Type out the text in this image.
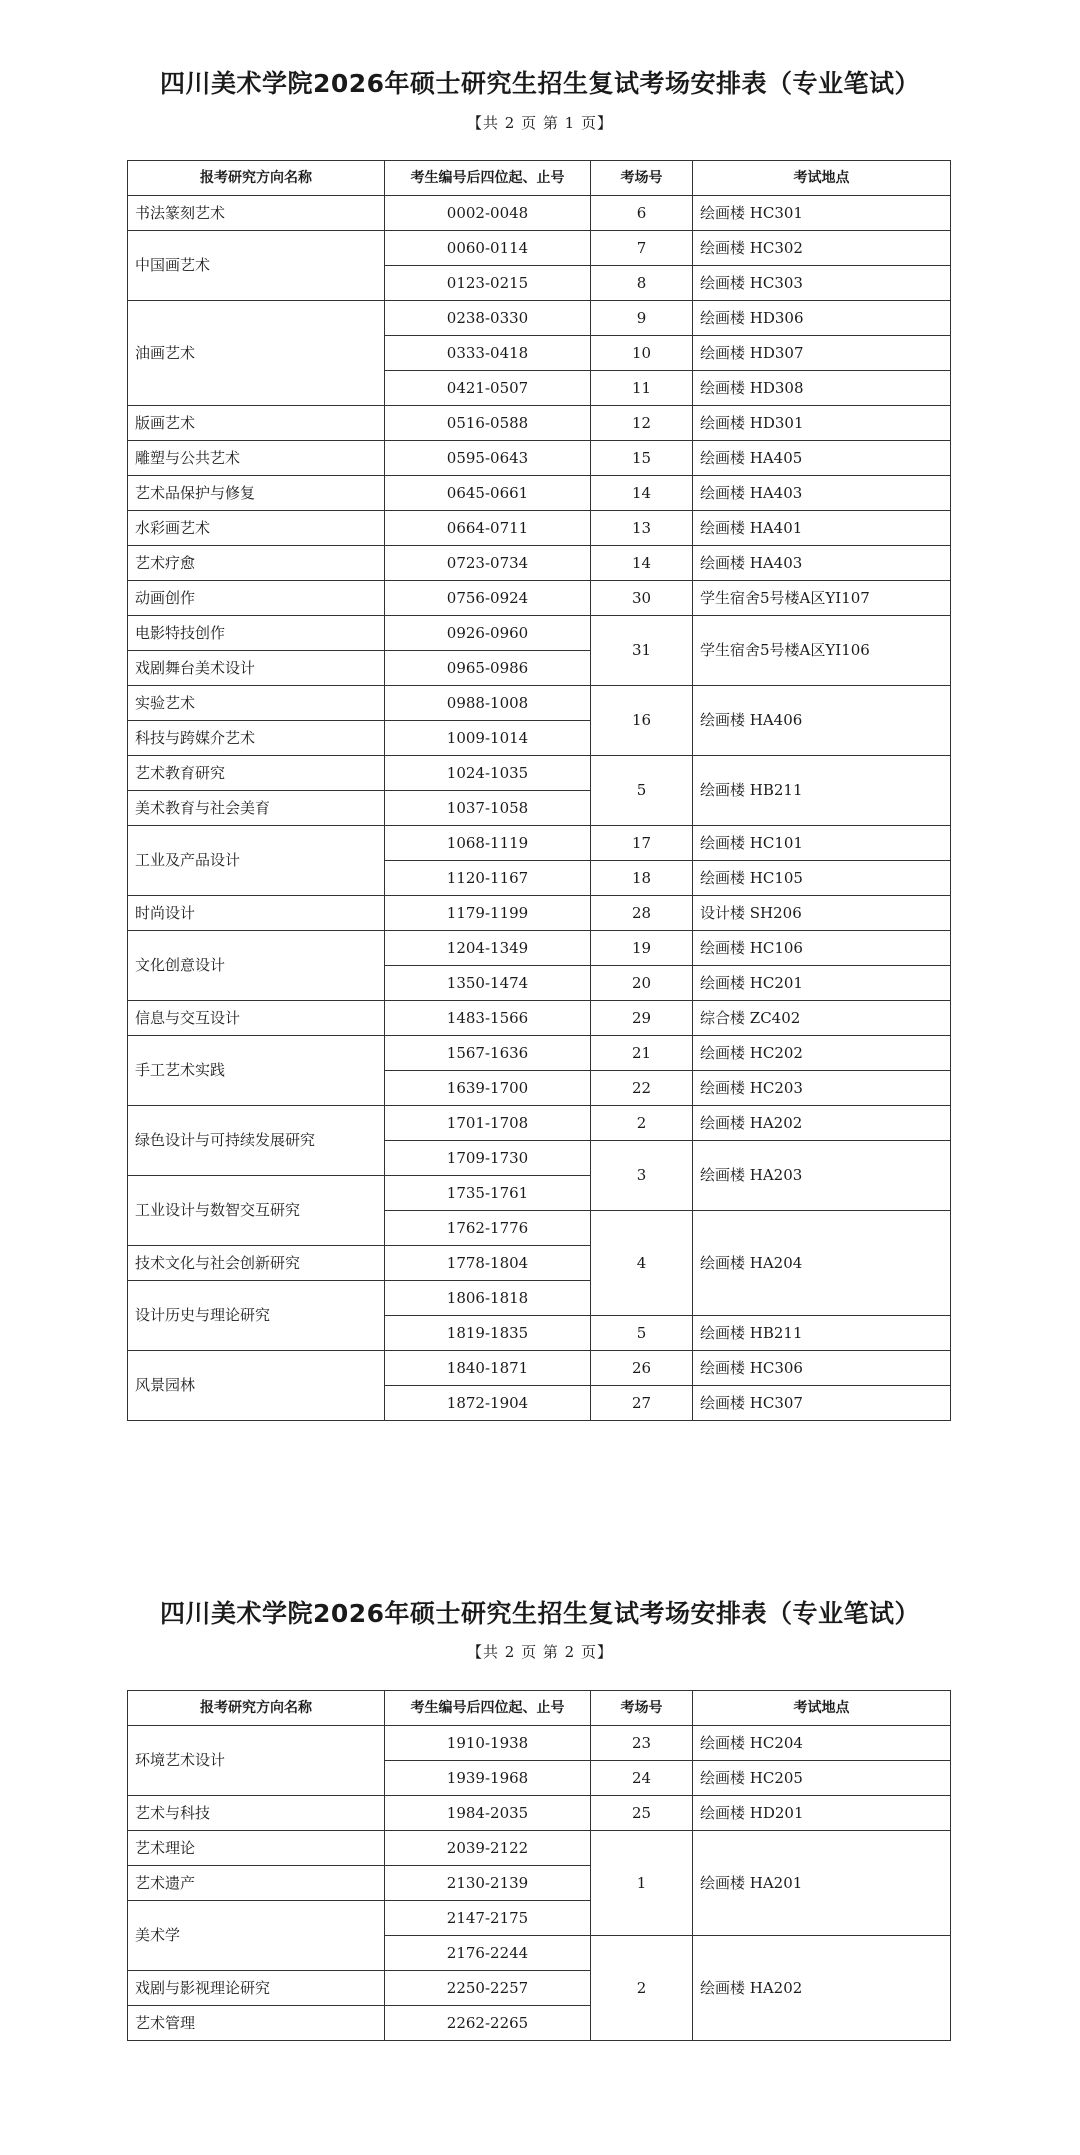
四川美术学院2026年硕士研究生招生复试考场安排表（专业笔试）
【共 2 页 第 1 页】
报考研究方向名称	考生编号后四位起、止号	考场号	考试地点
书法篆刻艺术	0002-0048	6	绘画楼 HC301
中国画艺术	0060-0114	7	绘画楼 HC302
	0123-0215	8	绘画楼 HC303
油画艺术	0238-0330	9	绘画楼 HD306
	0333-0418	10	绘画楼 HD307
	0421-0507	11	绘画楼 HD308
版画艺术	0516-0588	12	绘画楼 HD301
雕塑与公共艺术	0595-0643	15	绘画楼 HA405
艺术品保护与修复	0645-0661	14	绘画楼 HA403
水彩画艺术	0664-0711	13	绘画楼 HA401
艺术疗愈	0723-0734	14	绘画楼 HA403
动画创作	0756-0924	30	学生宿舍5号楼A区YI107
电影特技创作	0926-0960	31	学生宿舍5号楼A区YI106
戏剧舞台美术设计	0965-0986		
实验艺术	0988-1008	16	绘画楼 HA406
科技与跨媒介艺术	1009-1014		
艺术教育研究	1024-1035	5	绘画楼 HB211
美术教育与社会美育	1037-1058		
工业及产品设计	1068-1119	17	绘画楼 HC101
	1120-1167	18	绘画楼 HC105
时尚设计	1179-1199	28	设计楼 SH206
文化创意设计	1204-1349	19	绘画楼 HC106
	1350-1474	20	绘画楼 HC201
信息与交互设计	1483-1566	29	综合楼 ZC402
手工艺术实践	1567-1636	21	绘画楼 HC202
	1639-1700	22	绘画楼 HC203
绿色设计与可持续发展研究	1701-1708	2	绘画楼 HA202
	1709-1730	3	绘画楼 HA203
工业设计与数智交互研究	1735-1761		
	1762-1776	4	绘画楼 HA204
技术文化与社会创新研究	1778-1804		
设计历史与理论研究	1806-1818		
	1819-1835	5	绘画楼 HB211
风景园林	1840-1871	26	绘画楼 HC306
	1872-1904	27	绘画楼 HC307
四川美术学院2026年硕士研究生招生复试考场安排表（专业笔试）
【共 2 页 第 2 页】
报考研究方向名称	考生编号后四位起、止号	考场号	考试地点
环境艺术设计	1910-1938	23	绘画楼 HC204
	1939-1968	24	绘画楼 HC205
艺术与科技	1984-2035	25	绘画楼 HD201
艺术理论	2039-2122	1	绘画楼 HA201
艺术遗产	2130-2139		
美术学	2147-2175		
	2176-2244	2	绘画楼 HA202
戏剧与影视理论研究	2250-2257		
艺术管理	2262-2265		
